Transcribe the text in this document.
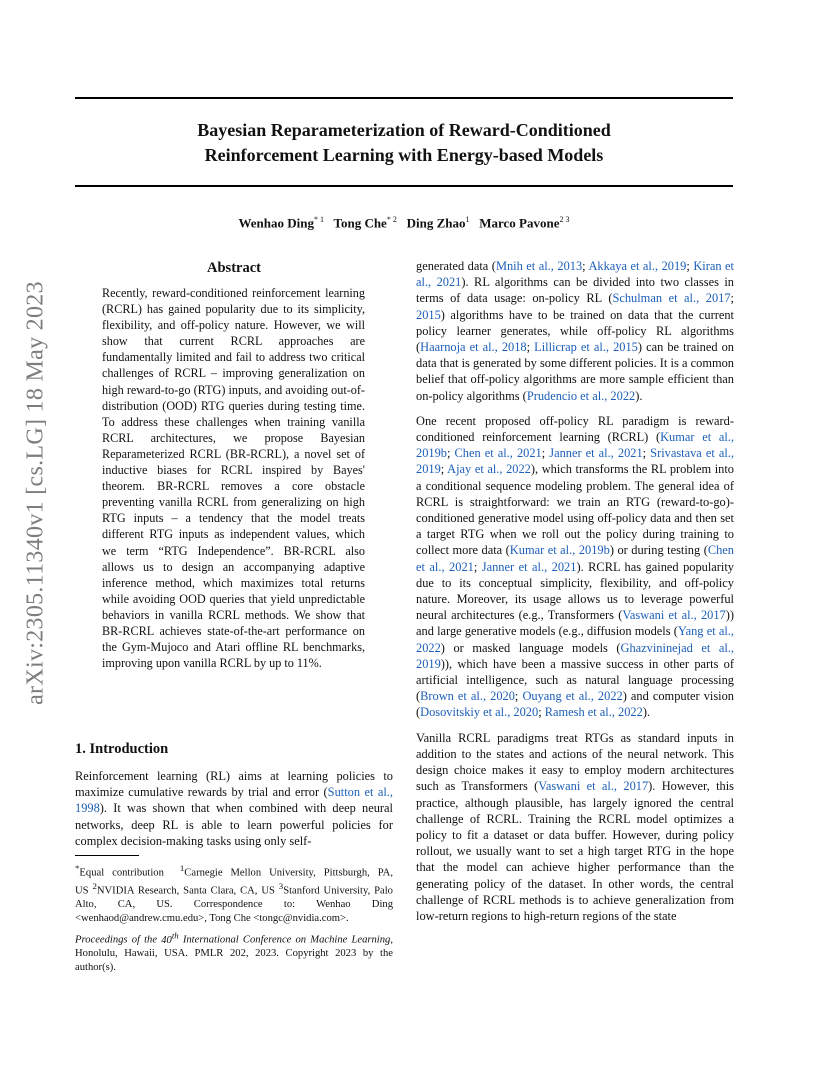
Bayesian Reparameterization of Reward-Conditioned
Reinforcement Learning with Energy-based Models
Wenhao Ding$^{* 1}$ Tong Che$^{* 2}$ Ding Zhao$^1$ Marco Pavone$^{2 3}$
arXiv:2305.11340v1 [cs.LG] 18 May 2023
Abstract

Recently, reward-conditioned reinforcement learning (RCRL) has gained popularity due to its simplicity, flexibility, and off-policy nature. However, we will show that current RCRL approaches are fundamentally limited and fail to address two critical challenges of RCRL – improving generalization on high reward-to-go (RTG) inputs, and avoiding out-of-distribution (OOD) RTG queries during testing time. To address these challenges when training vanilla RCRL architectures, we propose Bayesian Reparameterized RCRL (BR-RCRL), a novel set of inductive biases for RCRL inspired by Bayes' theorem. BR-RCRL removes a core obstacle preventing vanilla RCRL from generalizing on high RTG inputs – a tendency that the model treats different RTG inputs as independent values, which we term “RTG Independence”. BR-RCRL also allows us to design an accompanying adaptive inference method, which maximizes total returns while avoiding OOD queries that yield unpredictable behaviors in vanilla RCRL methods. We show that BR-RCRL achieves state-of-the-art performance on the Gym-Mujoco and Atari offline RL benchmarks, improving upon vanilla RCRL by up to 11%.

1. Introduction

Reinforcement learning (RL) aims at learning policies to maximize cumulative rewards by trial and error (Sutton et al., 1998). It was shown that when combined with deep neural networks, deep RL is able to learn powerful policies for complex decision-making tasks using only self-

*Equal contribution $^1$Carnegie Mellon University, Pittsburgh, PA, US $^2$NVIDIA Research, Santa Clara, CA, US $^3$Stanford University, Palo Alto, CA, US. Correspondence to: Wenhao Ding <wenhaod@andrew.cmu.edu>, Tong Che <tongc@nvidia.com>.

Proceedings of the 40th International Conference on Machine Learning, Honolulu, Hawaii, USA. PMLR 202, 2023. Copyright 2023 by the author(s).

generated data (Mnih et al., 2013; Akkaya et al., 2019; Kiran et al., 2021). RL algorithms can be divided into two classes in terms of data usage: on-policy RL (Schulman et al., 2017; 2015) algorithms have to be trained on data that the current policy learner generates, while off-policy RL algorithms (Haarnoja et al., 2018; Lillicrap et al., 2015) can be trained on data that is generated by some different policies. It is a common belief that off-policy algorithms are more sample efficient than on-policy algorithms (Prudencio et al., 2022).

One recent proposed off-policy RL paradigm is reward-conditioned reinforcement learning (RCRL) (Kumar et al., 2019b; Chen et al., 2021; Janner et al., 2021; Srivastava et al., 2019; Ajay et al., 2022), which transforms the RL problem into a conditional sequence modeling problem. The general idea of RCRL is straightforward: we train an RTG (reward-to-go)-conditioned generative model using off-policy data and then set a target RTG when we roll out the policy during training to collect more data (Kumar et al., 2019b) or during testing (Chen et al., 2021; Janner et al., 2021). RCRL has gained popularity due to its conceptual simplicity, flexibility, and off-policy nature. Moreover, its usage allows us to leverage powerful neural architectures (e.g., Transformers (Vaswani et al., 2017)) and large generative models (e.g., diffusion models (Yang et al., 2022) or masked language models (Ghazvininejad et al., 2019)), which have been a massive success in other parts of artificial intelligence, such as natural language processing (Brown et al., 2020; Ouyang et al., 2022) and computer vision (Dosovitskiy et al., 2020; Ramesh et al., 2022).

Vanilla RCRL paradigms treat RTGs as standard inputs in addition to the states and actions of the neural network. This design choice makes it easy to employ modern architectures such as Transformers (Vaswani et al., 2017). However, this practice, although plausible, has largely ignored the central challenge of RCRL. Training the RCRL model optimizes a policy to fit a dataset or data buffer. However, during policy rollout, we usually want to set a high target RTG in the hope that the model can achieve higher performance than the generating policy of the dataset. In other words, the central challenge of RCRL methods is to achieve generalization from low-return regions to high-return regions of the state
